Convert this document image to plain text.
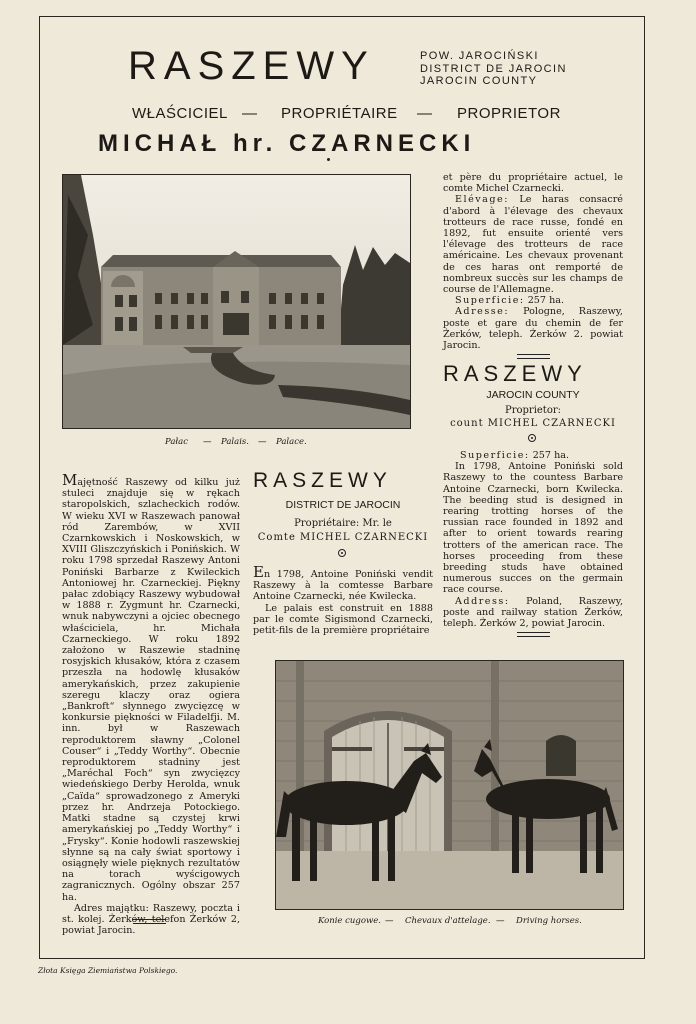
RASZEWY	POW. JAROCIŃSKI
DISTRICT DE JAROCIN
JAROCIN COUNTY
WŁAŚCICIEL — PROPRIÉTAIRE — PROPRIETOR
MICHAŁ hr. CZARNECKI
Pałac — Palais. — Palace.
et père du propriétaire actuel, le comte Michel Czarnecki.

Elévage: Le haras consacré d'abord à l'élevage des chevaux trotteurs de race russe, fondé en 1892, fut ensuite orienté vers l'élevage des trotteurs de race américaine. Les chevaux provenant de ces haras ont remporté de nombreux succès sur les champs de course de l'Allemagne.

Superficie: 257 ha.

Adresse: Pologne, Raszewy, poste et gare du chemin de fer Żerków, teleph. Żerków 2. powiat Jarocin.

RASZEWY
JAROCIN COUNTY
Proprietor:
count MICHEL CZARNECKI

Superficie: 257 ha.

In 1798, Antoine Poniński sold Raszewy to the countess Barbare Antoine Czarnecki, born Kwilecka. The beeding stud is designed in rearing trotting horses of the russian race founded in 1892 and after to orient towards rearing trotters of the american race. The horses proceeding from these breeding studs have obtained numerous succes on the germain race course.

Address: Poland, Raszewy, poste and railway station Żerków, teleph. Żerków 2, powiat Jarocin.

Majętność Raszewy od kilku już stuleci znajduje się w rękach staropolskich, szlacheckich rodów. W wieku XVI w Raszewach panował ród Zarembów, w XVII Czarnkowskich i Noskowskich, w XVIII Gliszczyńskich i Ponińskich. W roku 1798 sprzedał Raszewy Antoni Poniński Barbarze z Kwileckich Antoniowej hr. Czarneckiej. Piękny pałac zdobiący Raszewy wybudował w 1888 r. Zygmunt hr. Czarnecki, wnuk nabywczyni a ojciec obecnego właściciela, hr. Michała Czarneckiego. W roku 1892 założono w Raszewie stadninę rosyjskich kłusaków, która z czasem przeszła na hodowlę kłusaków amerykańskich, przez zakupienie szeregu klaczy oraz ogiera „Bankroft“ słynnego zwycięzcę w konkursie piękności w Filadelfji. M. inn. był w Raszewach reproduktorem sławny „Colonel Couser“ i „Teddy Worthy“. Obecnie reproduktorem stadniny jest „Maréchal Foch“ syn zwycięzcy wiedeńskiego Derby Herolda, wnuk „Caïda“ sprowadzonego z Ameryki przez hr. Andrzeja Potockiego. Matki stadne są czystej krwi amerykańskiej po „Teddy Worthy“ i „Frysky“. Konie hodowli raszewskiej słynne są na cały świat sportowy i osiągnęły wiele pięknych rezultatów na torach wyścigowych zagranicznych. Ogólny obszar 257 ha.

Adres majątku: Raszewy, poczta i st. kolej. Żerków, telefon Żerków 2, powiat Jarocin.

RASZEWY
DISTRICT DE JAROCIN
Propriétaire: Mr. le
Comte MICHEL CZARNECKI
En 1798, Antoine Poniński vendit Raszewy à la comtesse Barbare Antoine Czarnecki, née Kwilecka.

Le palais est construit en 1888 par le comte Sigismond Czarnecki, petit-fils de la première propriétaire

Konie cugowe. — Chevaux d'attelage. — Driving horses.
Złota Księga Ziemiaństwa Polskiego.
